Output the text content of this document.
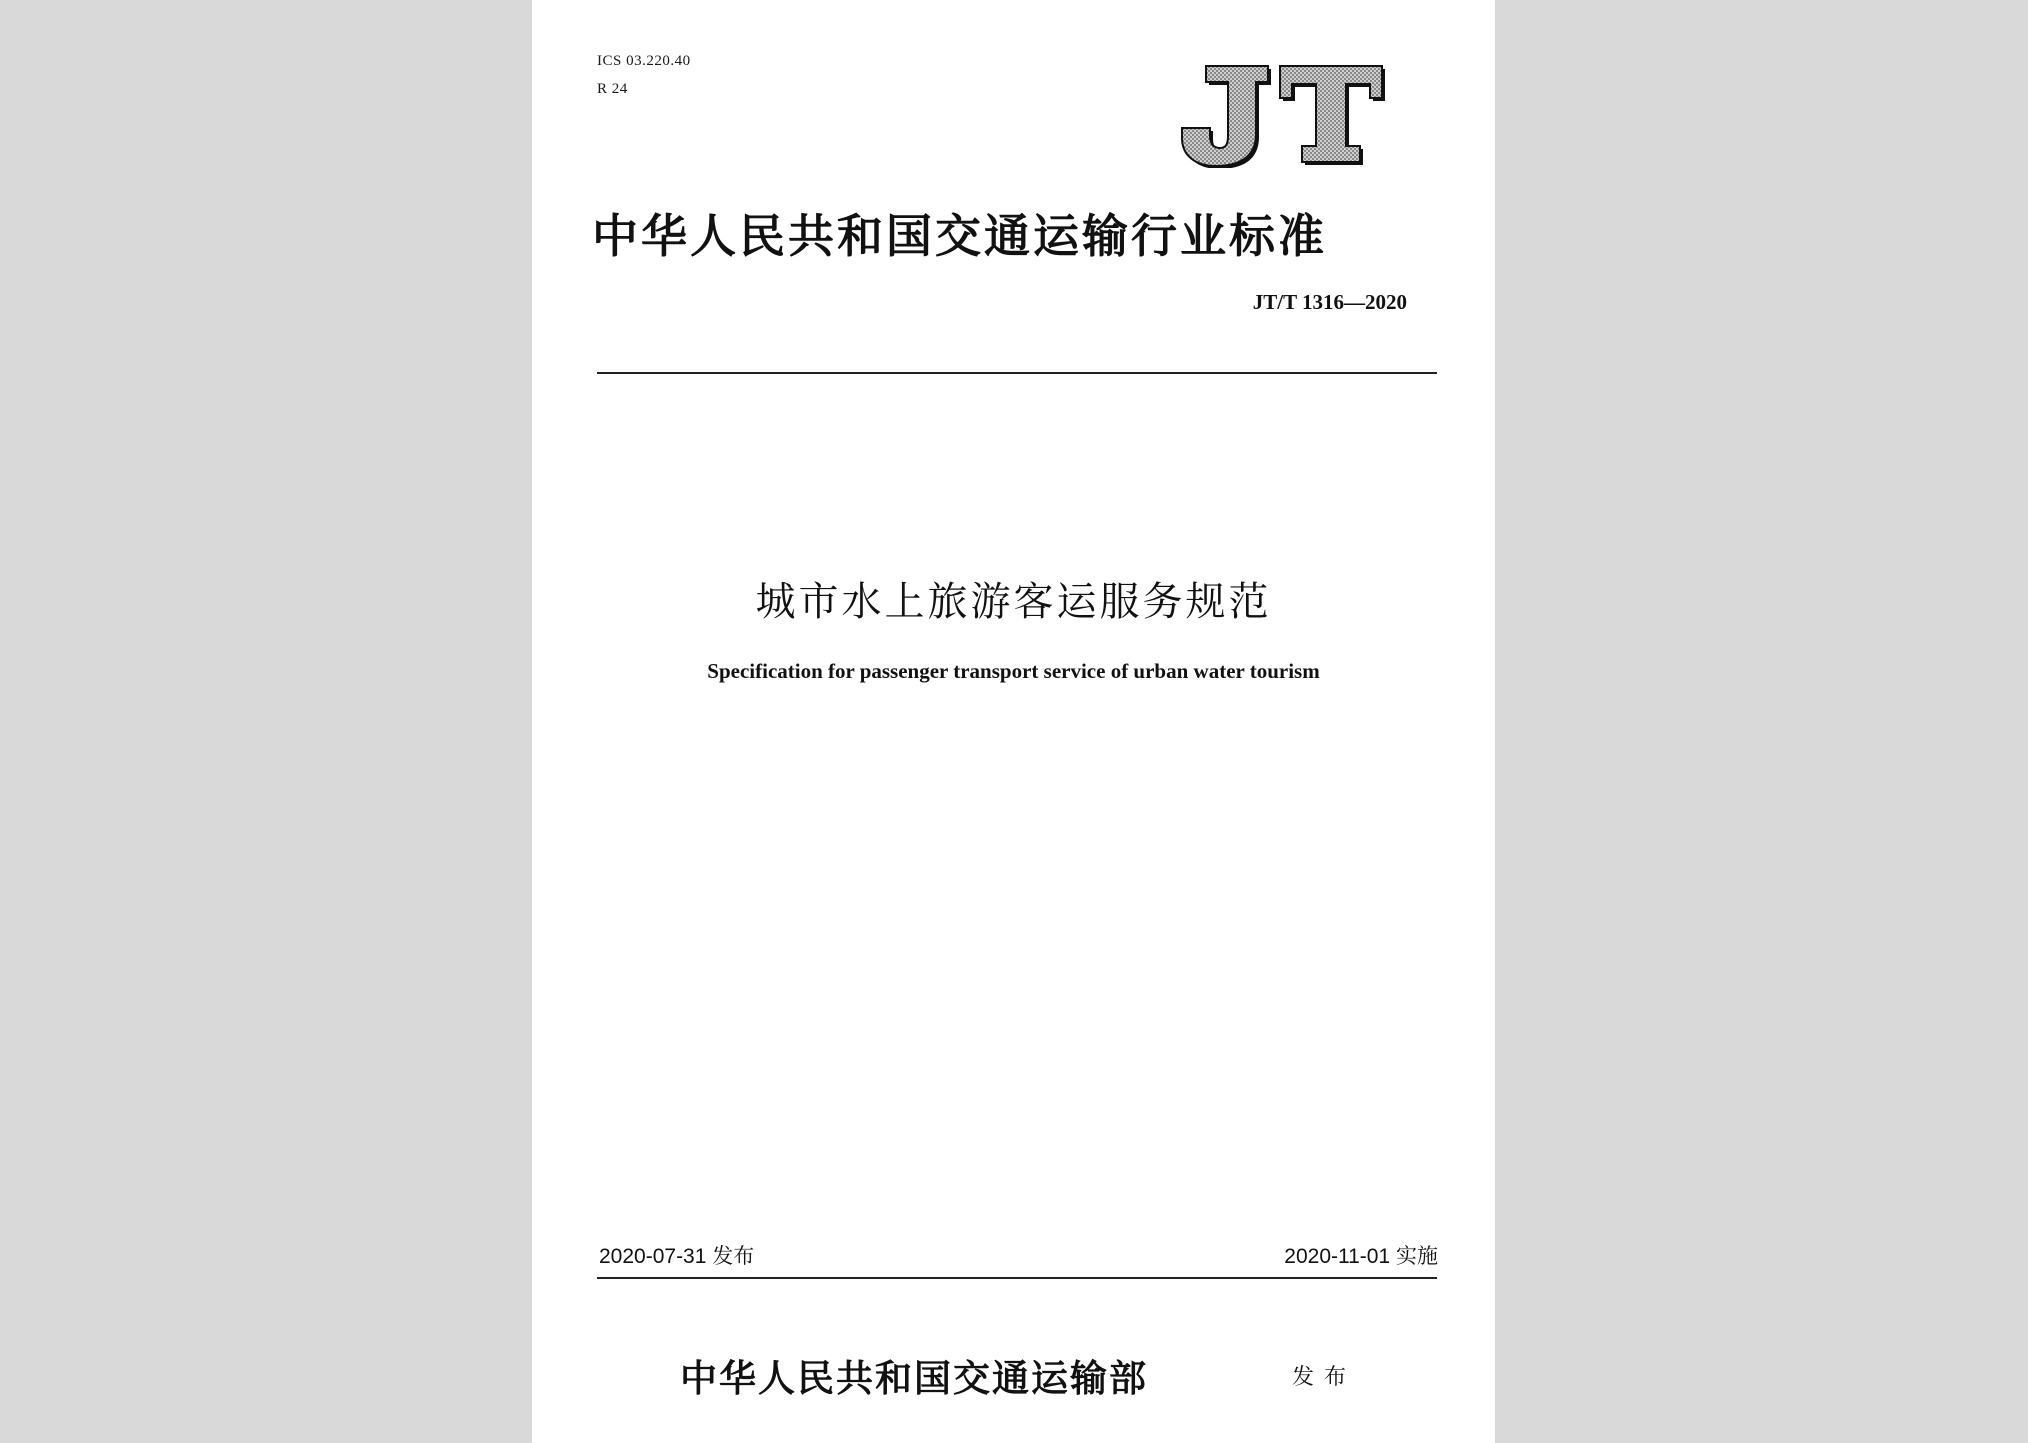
ICS 03.220.40
R 24
中华人民共和国交通运输行业标准
JT/T 1316—2020
城市水上旅游客运服务规范
Specification for passenger transport service of urban water tourism
2020-07-31 发布	2020-11-01 实施
中华人民共和国交通运输部	发布
